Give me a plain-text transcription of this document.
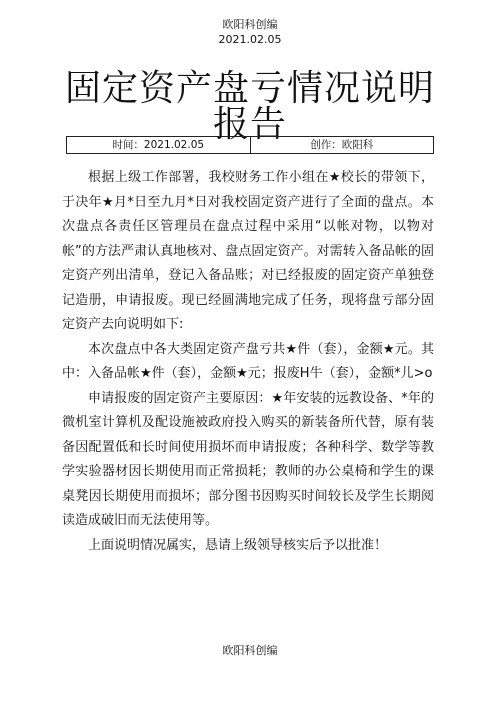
欧阳科创编
2021.02.05
固定资产盘亏情况说明报告
时间：2021.02.05	创作：欧阳科

根据上级工作部署，我校财务工作小组在★校长的带领下，于决年★月*日至九月*日对我校固定资产进行了全面的盘点。本次盘点各责任区管理员在盘点过程中采用“以帐对物，以物对帐”的方法严肃认真地核对、盘点固定资产。对需转入备品帐的固定资产列出清单，登记入备品账；对已经报废的固定资产单独登记造册，申请报废。现已经圆满地完成了任务，现将盘亏部分固定资产去向说明如下:

本次盘点中各大类固定资产盘亏共★件（套），金额★元。其中：入备品帐★件（套），金额★元；报废H牛（套），金额*儿>o

申请报废的固定资产主要原因：★年安装的远教设备、*年的微机室计算机及配设施被政府投入购买的新装备所代替，原有装备因配置低和长时间使用损坏而申请报废；各种科学、数学等教学实验器材因长期使用而正常损耗；教师的办公桌椅和学生的课桌凳因长期使用而损坏；部分图书因购买时间较长及学生长期阅读造成破旧而无法使用等。

上面说明情况属实，恳请上级领导核实后予以批准！

欧阳科创编
